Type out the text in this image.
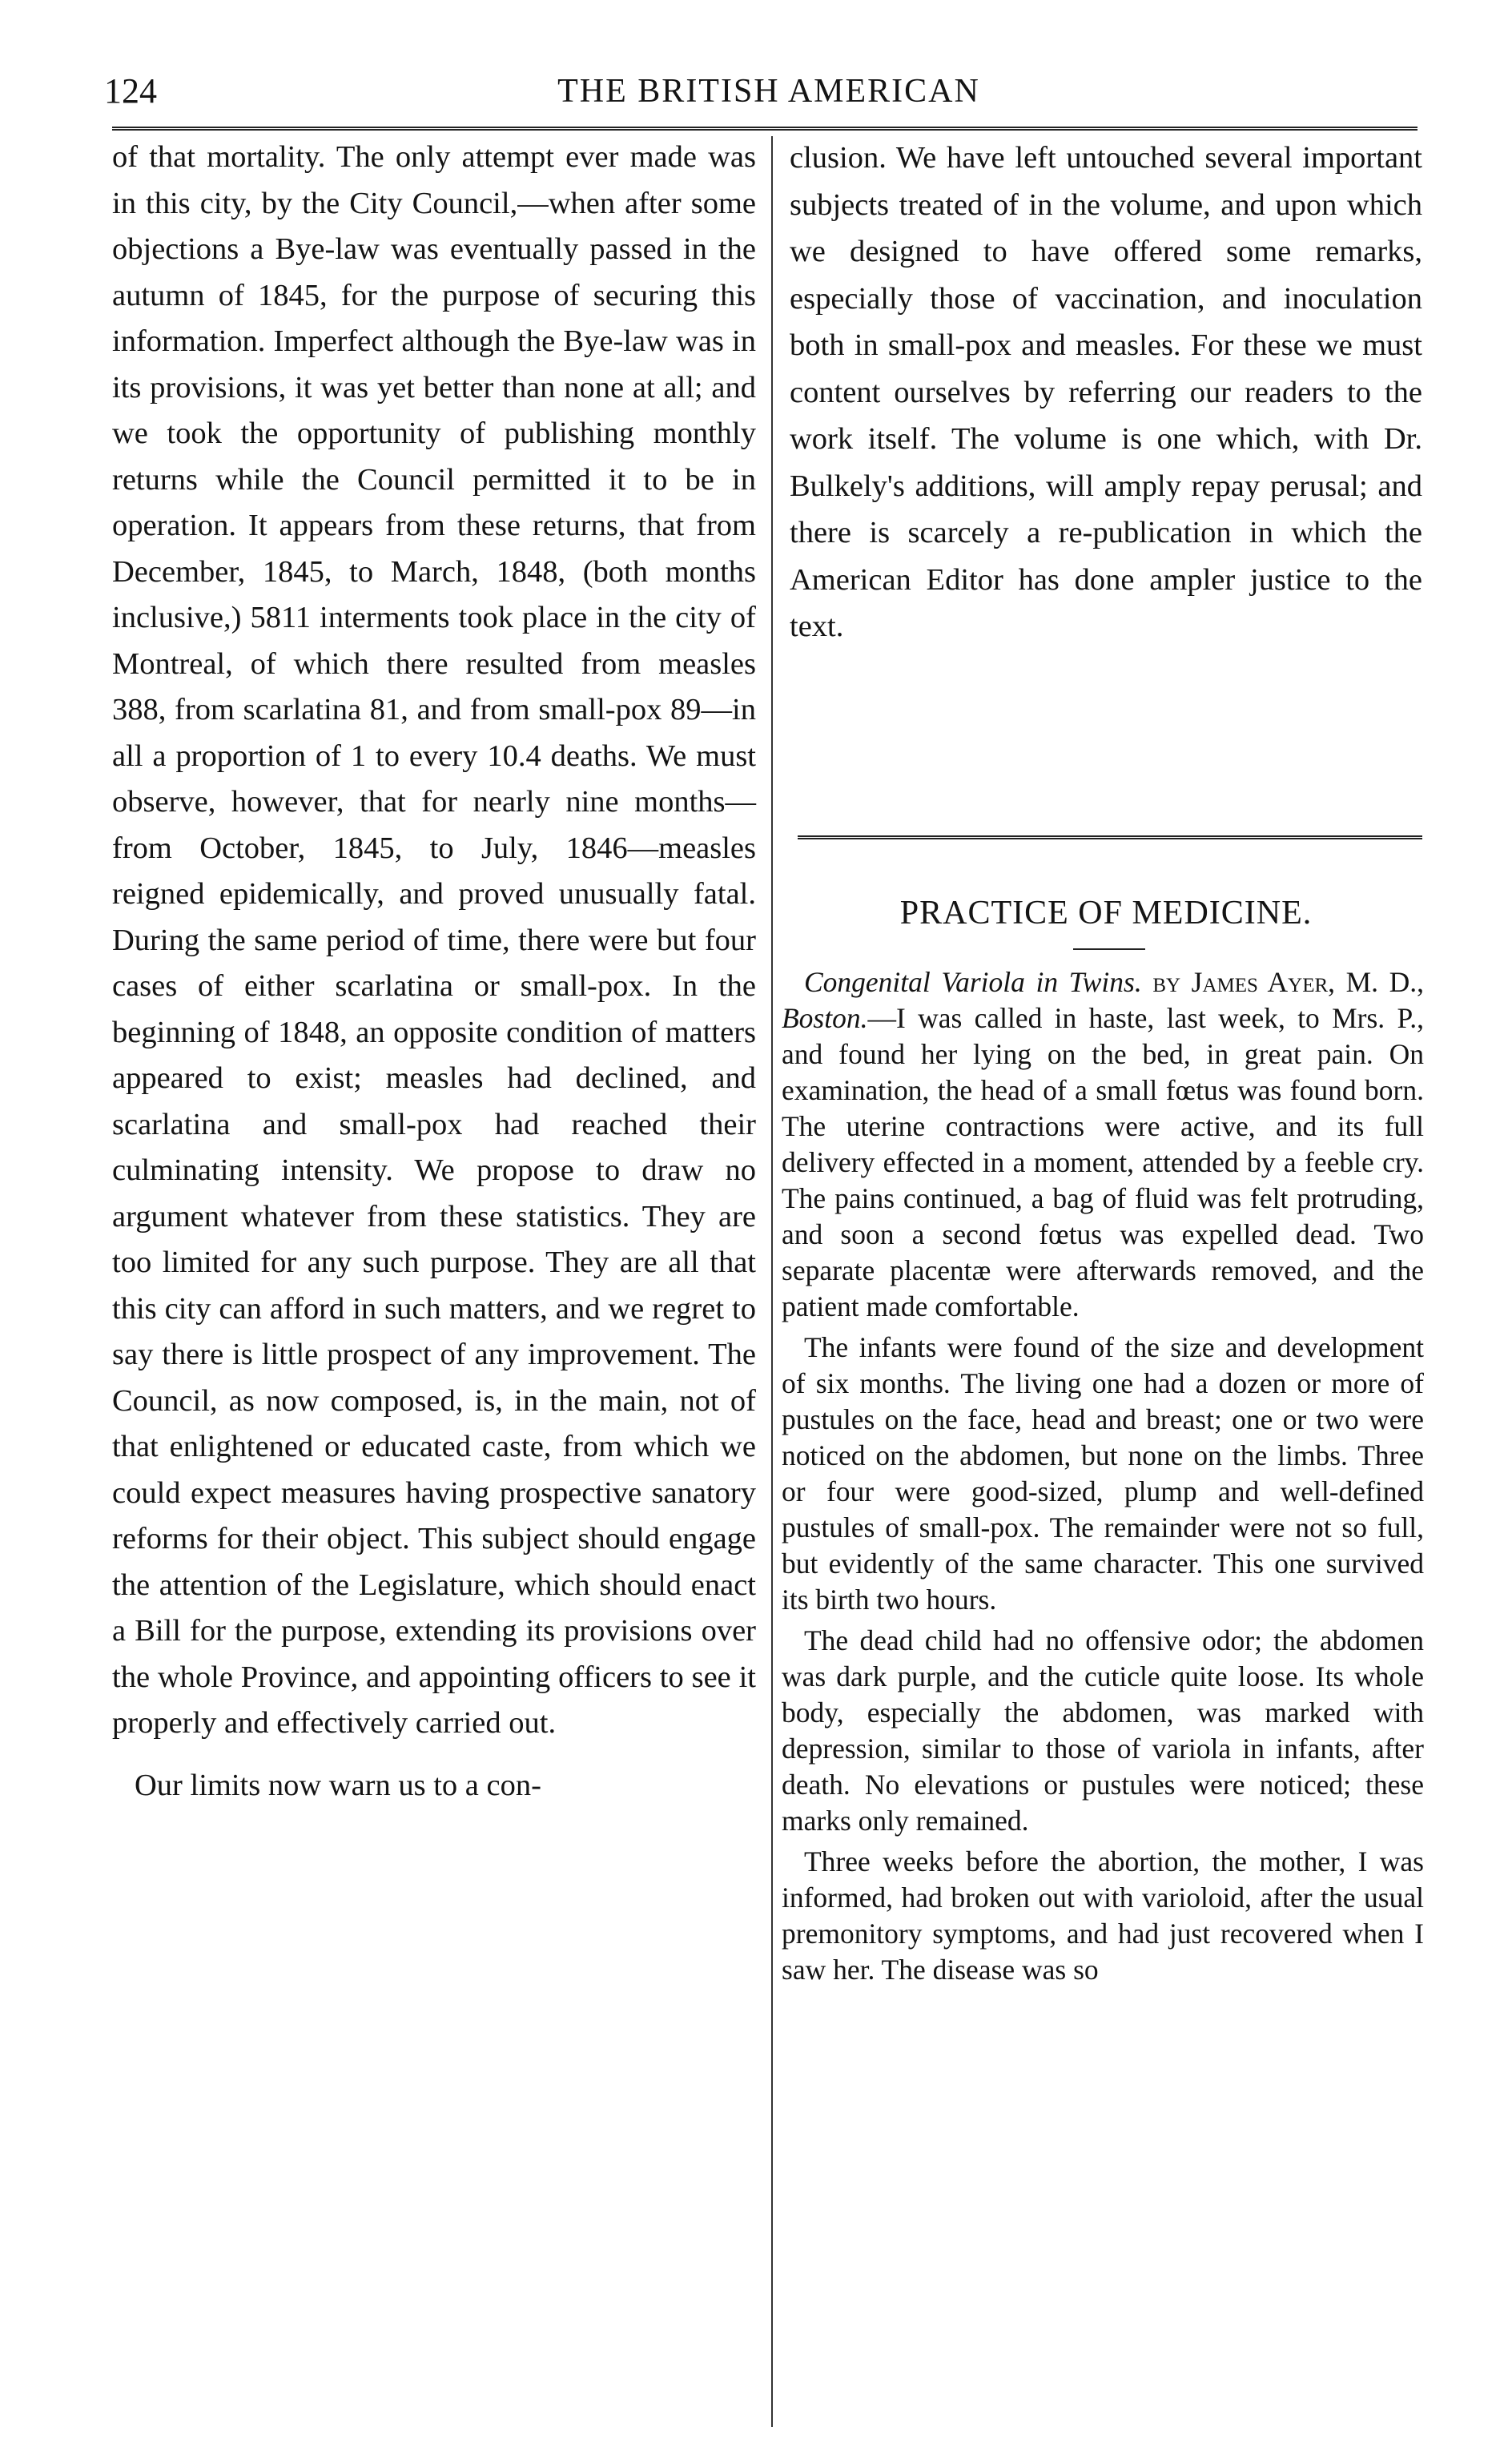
124	THE BRITISH AMERICAN

of that mortality. The only attempt ever made was in this city, by the City Council,—when after some objections a Bye-law was eventually passed in the autumn of 1845, for the purpose of securing this information. Imperfect although the Bye-law was in its provisions, it was yet better than none at all; and we took the opportunity of publishing monthly returns while the Council permitted it to be in operation. It appears from these returns, that from December, 1845, to March, 1848, (both months inclusive,) 5811 interments took place in the city of Montreal, of which there resulted from measles 388, from scarlatina 81, and from small-pox 89—in all a proportion of 1 to every 10.4 deaths. We must observe, however, that for nearly nine months—from October, 1845, to July, 1846—measles reigned epidemically, and proved unusually fatal. During the same period of time, there were but four cases of either scarlatina or small-pox. In the beginning of 1848, an opposite condition of matters appeared to exist; measles had declined, and scarlatina and small-pox had reached their culminating intensity. We propose to draw no argument whatever from these statistics. They are too limited for any such purpose. They are all that this city can afford in such matters, and we regret to say there is little prospect of any improvement. The Council, as now composed, is, in the main, not of that enlightened or educated caste, from which we could expect measures having prospective sanatory reforms for their object. This subject should engage the attention of the Legislature, which should enact a Bill for the purpose, extending its provisions over the whole Province, and appointing officers to see it properly and effectively carried out.

Our limits now warn us to a con-

clusion. We have left untouched several important subjects treated of in the volume, and upon which we designed to have offered some remarks, especially those of vaccination, and inoculation both in small-pox and measles. For these we must content ourselves by referring our readers to the work itself. The volume is one which, with Dr. Bulkely's additions, will amply repay perusal; and there is scarcely a re-publication in which the American Editor has done ampler justice to the text.

PRACTICE OF MEDICINE.

Congenital Variola in Twins. by James Ayer, M. D., Boston.—I was called in haste, last week, to Mrs. P., and found her lying on the bed, in great pain. On examination, the head of a small fœtus was found born. The uterine contractions were active, and its full delivery effected in a moment, attended by a feeble cry. The pains continued, a bag of fluid was felt protruding, and soon a second fœtus was expelled dead. Two separate placentæ were afterwards removed, and the patient made comfortable.

The infants were found of the size and development of six months. The living one had a dozen or more of pustules on the face, head and breast; one or two were noticed on the abdomen, but none on the limbs. Three or four were good-sized, plump and well-defined pustules of small-pox. The remainder were not so full, but evidently of the same character. This one survived its birth two hours.

The dead child had no offensive odor; the abdomen was dark purple, and the cuticle quite loose. Its whole body, especially the abdomen, was marked with depression, similar to those of variola in infants, after death. No elevations or pustules were noticed; these marks only remained.

Three weeks before the abortion, the mother, I was informed, had broken out with varioloid, after the usual premonitory symptoms, and had just recovered when I saw her. The disease was so
